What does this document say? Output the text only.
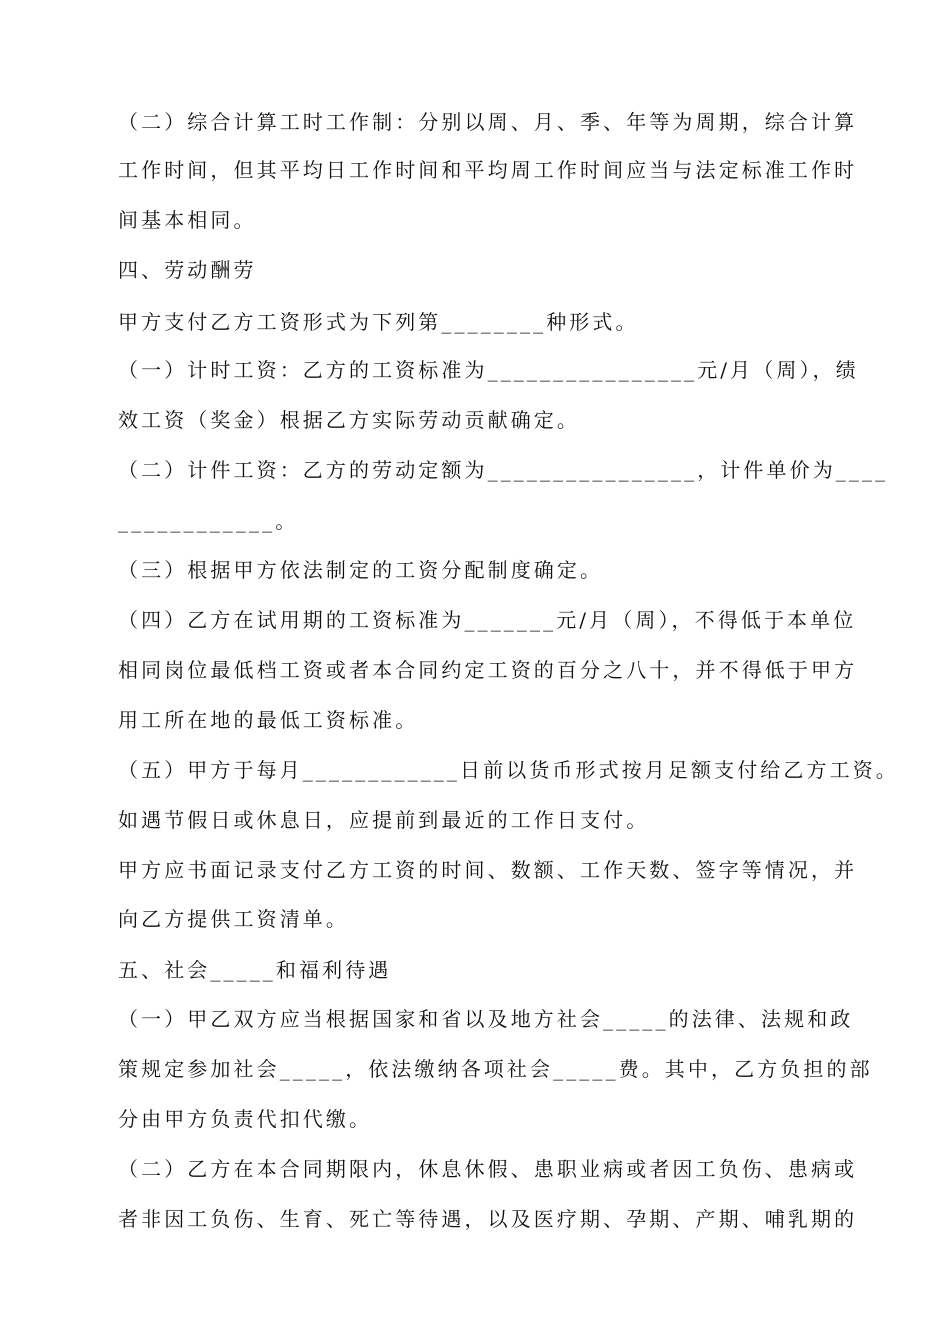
（二）综合计算工时工作制：分别以周、月、季、年等为周期，综合计算
工作时间，但其平均日工作时间和平均周工作时间应当与法定标准工作时
间基本相同。
四、劳动酬劳
甲方支付乙方工资形式为下列第________种形式。
（一）计时工资：乙方的工资标准为________________元/月（周），绩
效工资（奖金）根据乙方实际劳动贡献确定。
（二）计件工资：乙方的劳动定额为________________，计件单价为____
____________。
（三）根据甲方依法制定的工资分配制度确定。
（四）乙方在试用期的工资标准为_______元/月（周），不得低于本单位
相同岗位最低档工资或者本合同约定工资的百分之八十，并不得低于甲方
用工所在地的最低工资标准。
（五）甲方于每月____________日前以货币形式按月足额支付给乙方工资。
如遇节假日或休息日，应提前到最近的工作日支付。
甲方应书面记录支付乙方工资的时间、数额、工作天数、签字等情况，并
向乙方提供工资清单。
五、社会_____和福利待遇
（一）甲乙双方应当根据国家和省以及地方社会_____的法律、法规和政
策规定参加社会_____，依法缴纳各项社会_____费。其中，乙方负担的部
分由甲方负责代扣代缴。
（二）乙方在本合同期限内，休息休假、患职业病或者因工负伤、患病或
者非因工负伤、生育、死亡等待遇，以及医疗期、孕期、产期、哺乳期的
